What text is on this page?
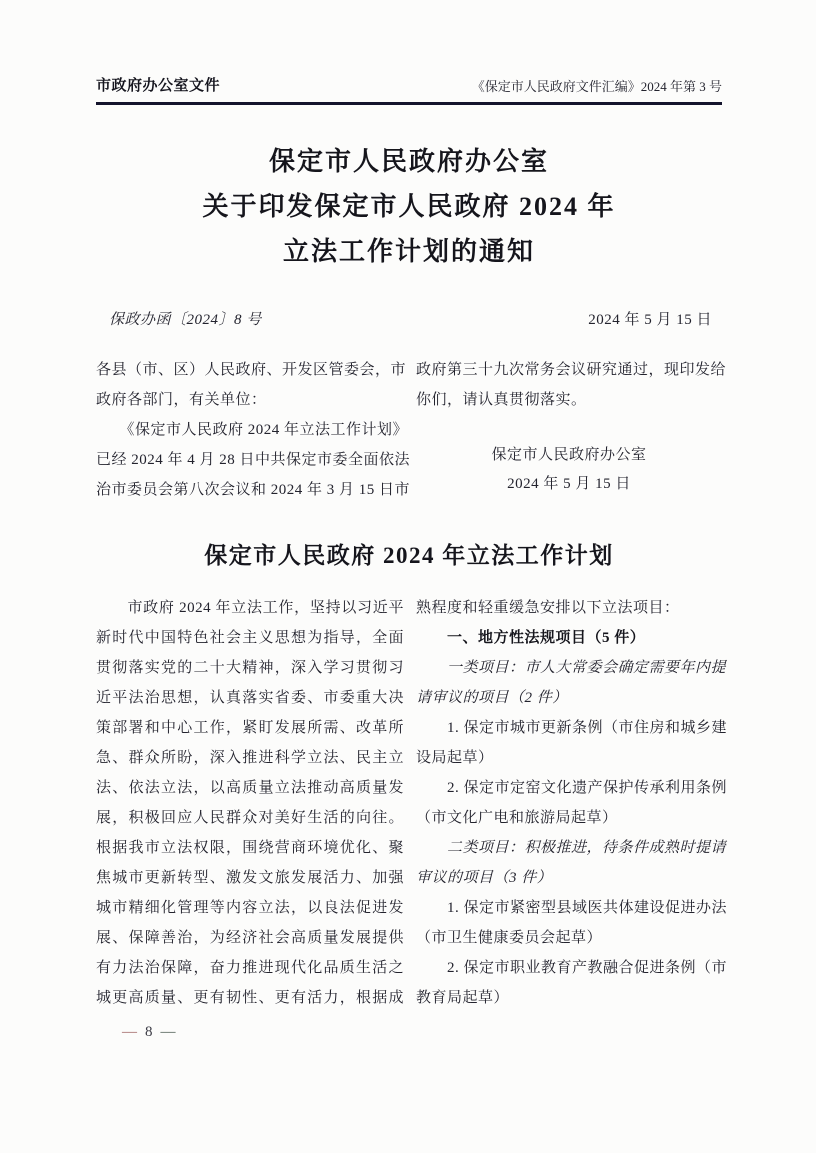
市政府办公室文件	《保定市人民政府文件汇编》2024 年第 3 号
保定市人民政府办公室
关于印发保定市人民政府 2024 年
立法工作计划的通知
保政办函〔2024〕8 号	2024 年 5 月 15 日
各县（市、区）人民政府、开发区管委会，市
政府各部门，有关单位：
　　《保定市人民政府 2024 年立法工作计划》
已经 2024 年 4 月 28 日中共保定市委全面依法
治市委员会第八次会议和 2024 年 3 月 15 日市
政府第三十九次常务会议研究通过，现印发给
你们，请认真贯彻落实。
保定市人民政府办公室
2024 年 5 月 15 日
保定市人民政府 2024 年立法工作计划
　　市政府 2024 年立法工作，坚持以习近平
新时代中国特色社会主义思想为指导，全面
贯彻落实党的二十大精神，深入学习贯彻习
近平法治思想，认真落实省委、市委重大决
策部署和中心工作，紧盯发展所需、改革所
急、群众所盼，深入推进科学立法、民主立
法、依法立法，以高质量立法推动高质量发
展，积极回应人民群众对美好生活的向往。
根据我市立法权限，围绕营商环境优化、聚
焦城市更新转型、激发文旅发展活力、加强
城市精细化管理等内容立法，以良法促进发
展、保障善治，为经济社会高质量发展提供
有力法治保障，奋力推进现代化品质生活之
城更高质量、更有韧性、更有活力，根据成
熟程度和轻重缓急安排以下立法项目：
　　一、地方性法规项目（5 件）
　　一类项目：市人大常委会确定需要年内提
请审议的项目（2 件）
　　1. 保定市城市更新条例（市住房和城乡建
设局起草）
　　2. 保定市定窑文化遗产保护传承利用条例
（市文化广电和旅游局起草）
　　二类项目：积极推进，待条件成熟时提请
审议的项目（3 件）
　　1. 保定市紧密型县域医共体建设促进办法
（市卫生健康委员会起草）
　　2. 保定市职业教育产教融合促进条例（市
教育局起草）
— 8 —
